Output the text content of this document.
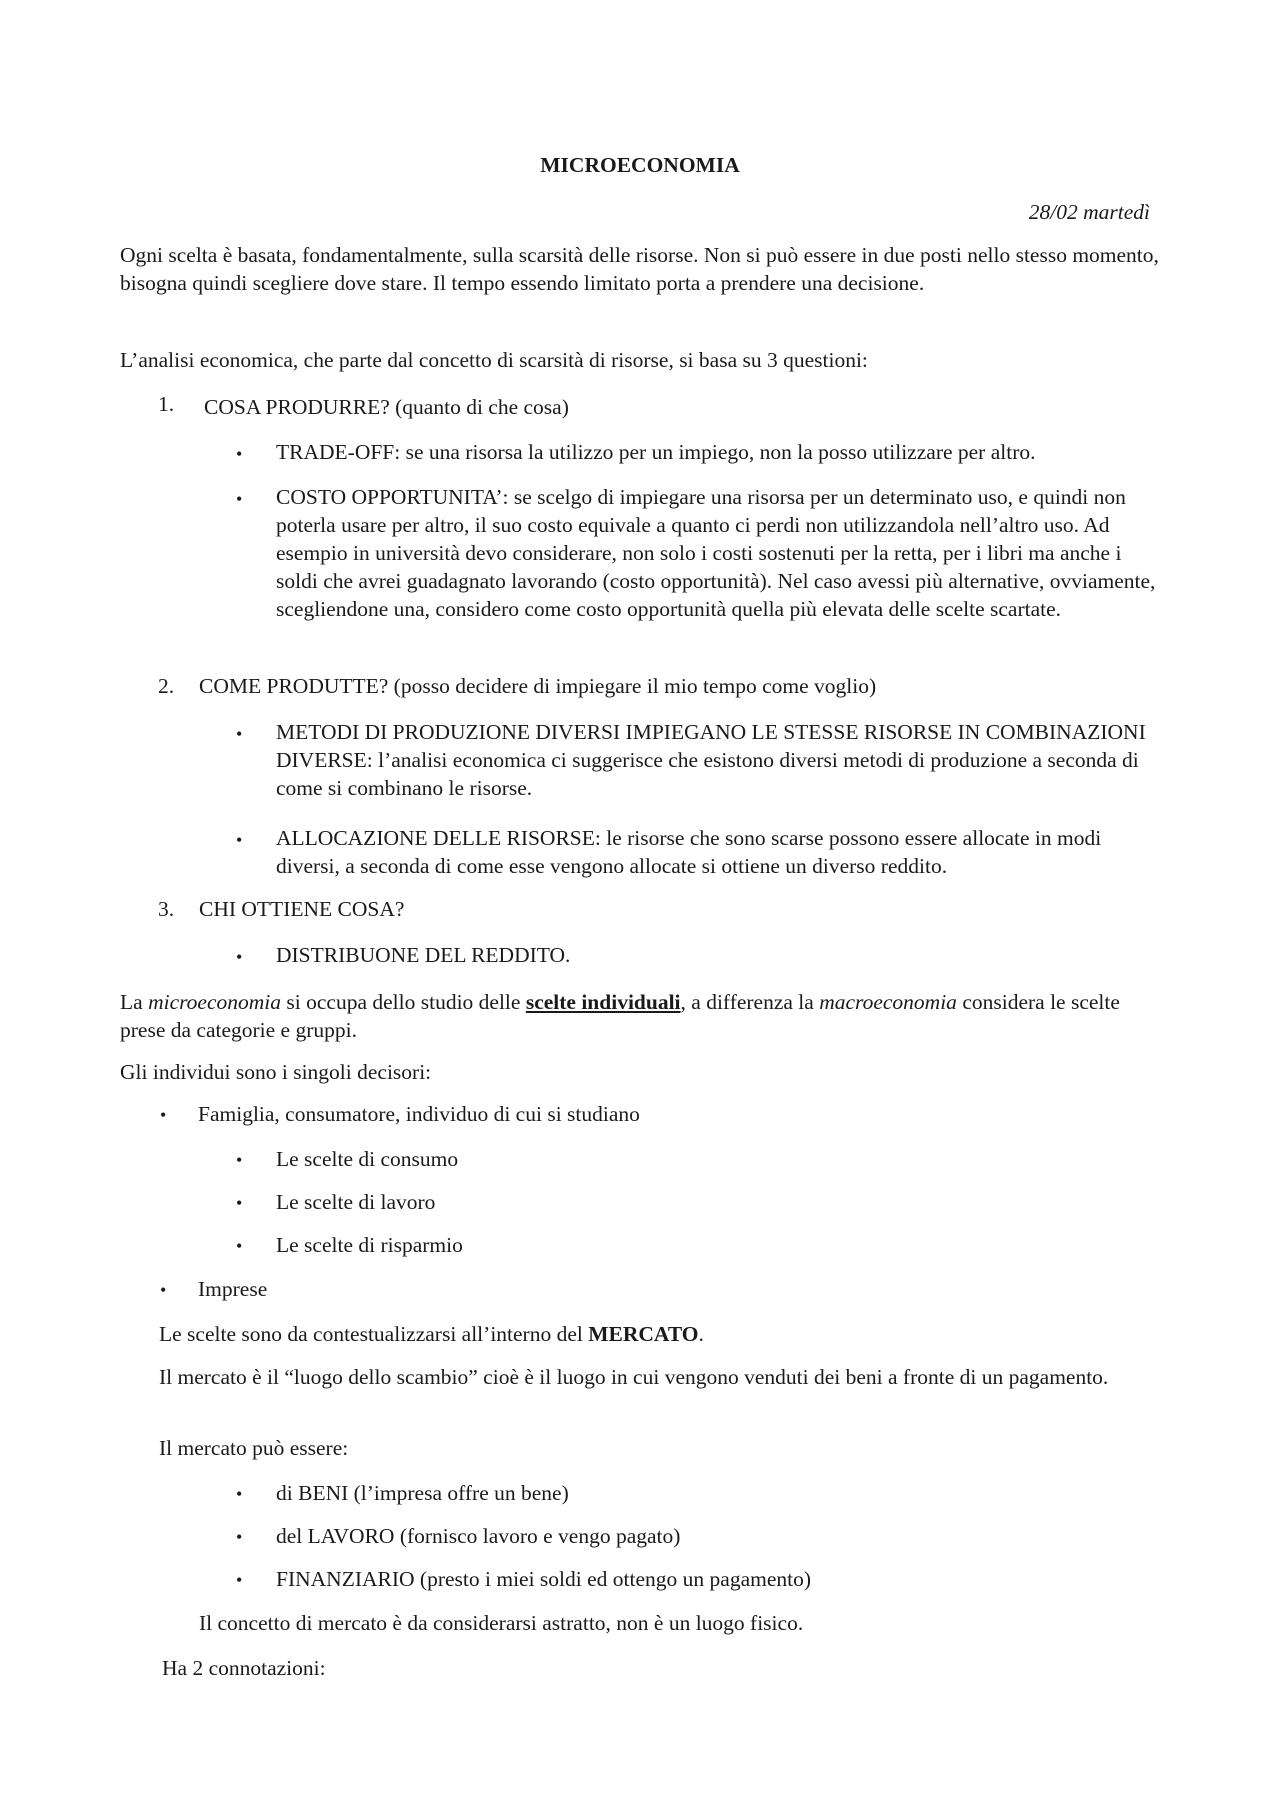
MICROECONOMIA
28/02 martedì
Ogni scelta è basata, fondamentalmente, sulla scarsità delle risorse. Non si può essere in due posti nello stesso momento, bisogna quindi scegliere dove stare. Il tempo essendo limitato porta a prendere una decisione.
L’analisi economica, che parte dal concetto di scarsità di risorse, si basa su 3 questioni:
1. COSA PRODURRE? (quanto di che cosa)
• TRADE-OFF: se una risorsa la utilizzo per un impiego, non la posso utilizzare per altro.
• COSTO OPPORTUNITA’: se scelgo di impiegare una risorsa per un determinato uso, e quindi non poterla usare per altro, il suo costo equivale a quanto ci perdi non utilizzandola nell’altro uso. Ad esempio in università devo considerare, non solo i costi sostenuti per la retta, per i libri ma anche i soldi che avrei guadagnato lavorando (costo opportunità). Nel caso avessi più alternative, ovviamente, scegliendone una, considero come costo opportunità quella più elevata delle scelte scartate.
2. COME PRODUTTE? (posso decidere di impiegare il mio tempo come voglio)
• METODI DI PRODUZIONE DIVERSI IMPIEGANO LE STESSE RISORSE IN COMBINAZIONI DIVERSE: l’analisi economica ci suggerisce che esistono diversi metodi di produzione a seconda di come si combinano le risorse.
• ALLOCAZIONE DELLE RISORSE: le risorse che sono scarse possono essere allocate in modi diversi, a seconda di come esse vengono allocate si ottiene un diverso reddito.
3. CHI OTTIENE COSA?
• DISTRIBUONE DEL REDDITO.
La microeconomia si occupa dello studio delle scelte individuali, a differenza la macroeconomia considera le scelte prese da categorie e gruppi.
Gli individui sono i singoli decisori:
• Famiglia, consumatore, individuo di cui si studiano
• Le scelte di consumo
• Le scelte di lavoro
• Le scelte di risparmio
• Imprese
Le scelte sono da contestualizzarsi all’interno del MERCATO.
Il mercato è il “luogo dello scambio” cioè è il luogo in cui vengono venduti dei beni a fronte di un pagamento.
Il mercato può essere:
• di BENI (l’impresa offre un bene)
• del LAVORO (fornisco lavoro e vengo pagato)
• FINANZIARIO (presto i miei soldi ed ottengo un pagamento)
Il concetto di mercato è da considerarsi astratto, non è un luogo fisico.
Ha 2 connotazioni:
